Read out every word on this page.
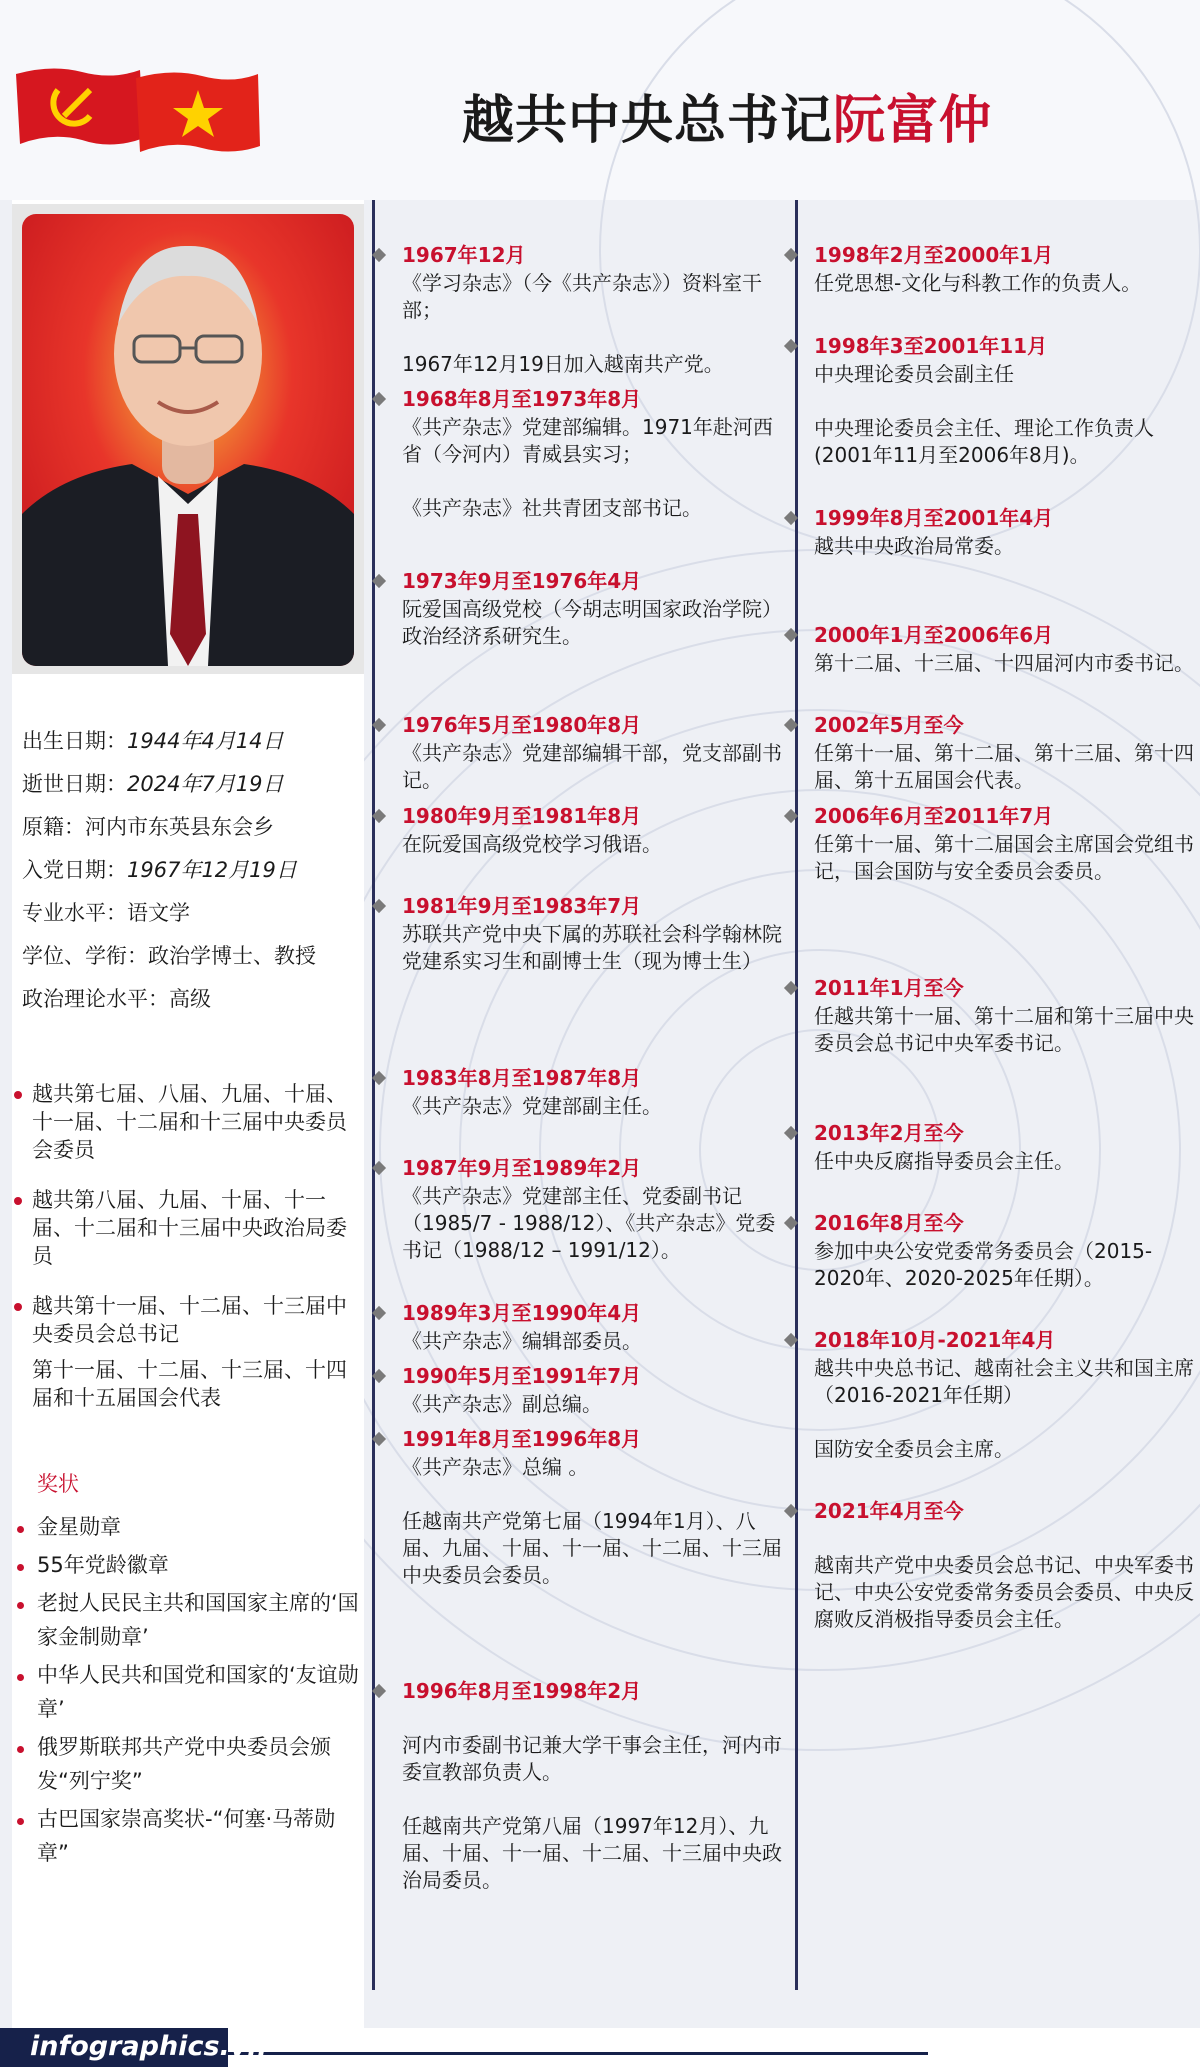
越共中央总书记阮富仲
出生日期：1944年4月14日
逝世日期：2024年7月19日
原籍：河内市东英县东会乡
入党日期：1967年12月19日
专业水平：语文学
学位、学衔：政治学博士、教授
政治理论水平：高级
越共第七届、八届、九届、十届、十一届、十二届和十三届中央委员会委员
越共第八届、九届、十届、十一届、十二届和十三届中央政治局委员
越共第十一届、十二届、十三届中央委员会总书记
第十一届、十二届、十三届、十四届和十五届国会代表
奖状
金星勋章
55年党龄徽章
老挝人民民主共和国国家主席的‘国家金制勋章’
中华人民共和国党和国家的‘友谊勋章’
俄罗斯联邦共产党中央委员会颁发“列宁奖”
古巴国家崇高奖状-“何塞·马蒂勋章”
1967年12月
《学习杂志》（今《共产杂志》）资料室干部；
1967年12月19日加入越南共产党。
1968年8月至1973年8月
《共产杂志》党建部编辑。1971年赴河西省（今河内）青威县实习；
《共产杂志》社共青团支部书记。
1973年9月至1976年4月
阮爱国高级党校（今胡志明国家政治学院）政治经济系研究生。
1976年5月至1980年8月
《共产杂志》党建部编辑干部，党支部副书记。
1980年9月至1981年8月
在阮爱国高级党校学习俄语。
1981年9月至1983年7月
苏联共产党中央下属的苏联社会科学翰林院党建系实习生和副博士生（现为博士生）
1983年8月至1987年8月
《共产杂志》党建部副主任。
1987年9月至1989年2月
《共产杂志》党建部主任、党委副书记（1985/7 - 1988/12）、《共产杂志》党委书记（1988/12 – 1991/12）。
1989年3月至1990年4月
《共产杂志》编辑部委员。
1990年5月至1991年7月
《共产杂志》副总编。
1991年8月至1996年8月
《共产杂志》总编 。
任越南共产党第七届（1994年1月）、八届、九届、十届、十一届、十二届、十三届中央委员会委员。
1996年8月至1998年2月
河内市委副书记兼大学干事会主任，河内市委宣教部负责人。
任越南共产党第八届（1997年12月）、九届、十届、十一届、十二届、十三届中央政治局委员。
1998年2月至2000年1月
任党思想-文化与科教工作的负责人。
1998年3至2001年11月
中央理论委员会副主任
中央理论委员会主任、理论工作负责人 (2001年11月至2006年8月)。
1999年8月至2001年4月
越共中央政治局常委。
2000年1月至2006年6月
第十二届、十三届、十四届河内市委书记。
2002年5月至今
任第十一届、第十二届、第十三届、第十四届、第十五届国会代表。
2006年6月至2011年7月
任第十一届、第十二届国会主席国会党组书记，国会国防与安全委员会委员。
2011年1月至今
任越共第十一届、第十二届和第十三届中央委员会总书记中央军委书记。
2013年2月至今
任中央反腐指导委员会主任。
2016年8月至今
参加中央公安党委常务委员会（2015-2020年、2020-2025年任期）。
2018年10月-2021年4月
越共中央总书记、越南社会主义共和国主席（2016-2021年任期）
国防安全委员会主席。
2021年4月至今
越南共产党中央委员会总书记、中央军委书记、中央公安党委常务委员会委员、中央反腐败反消极指导委员会主任。
infographics.vn
